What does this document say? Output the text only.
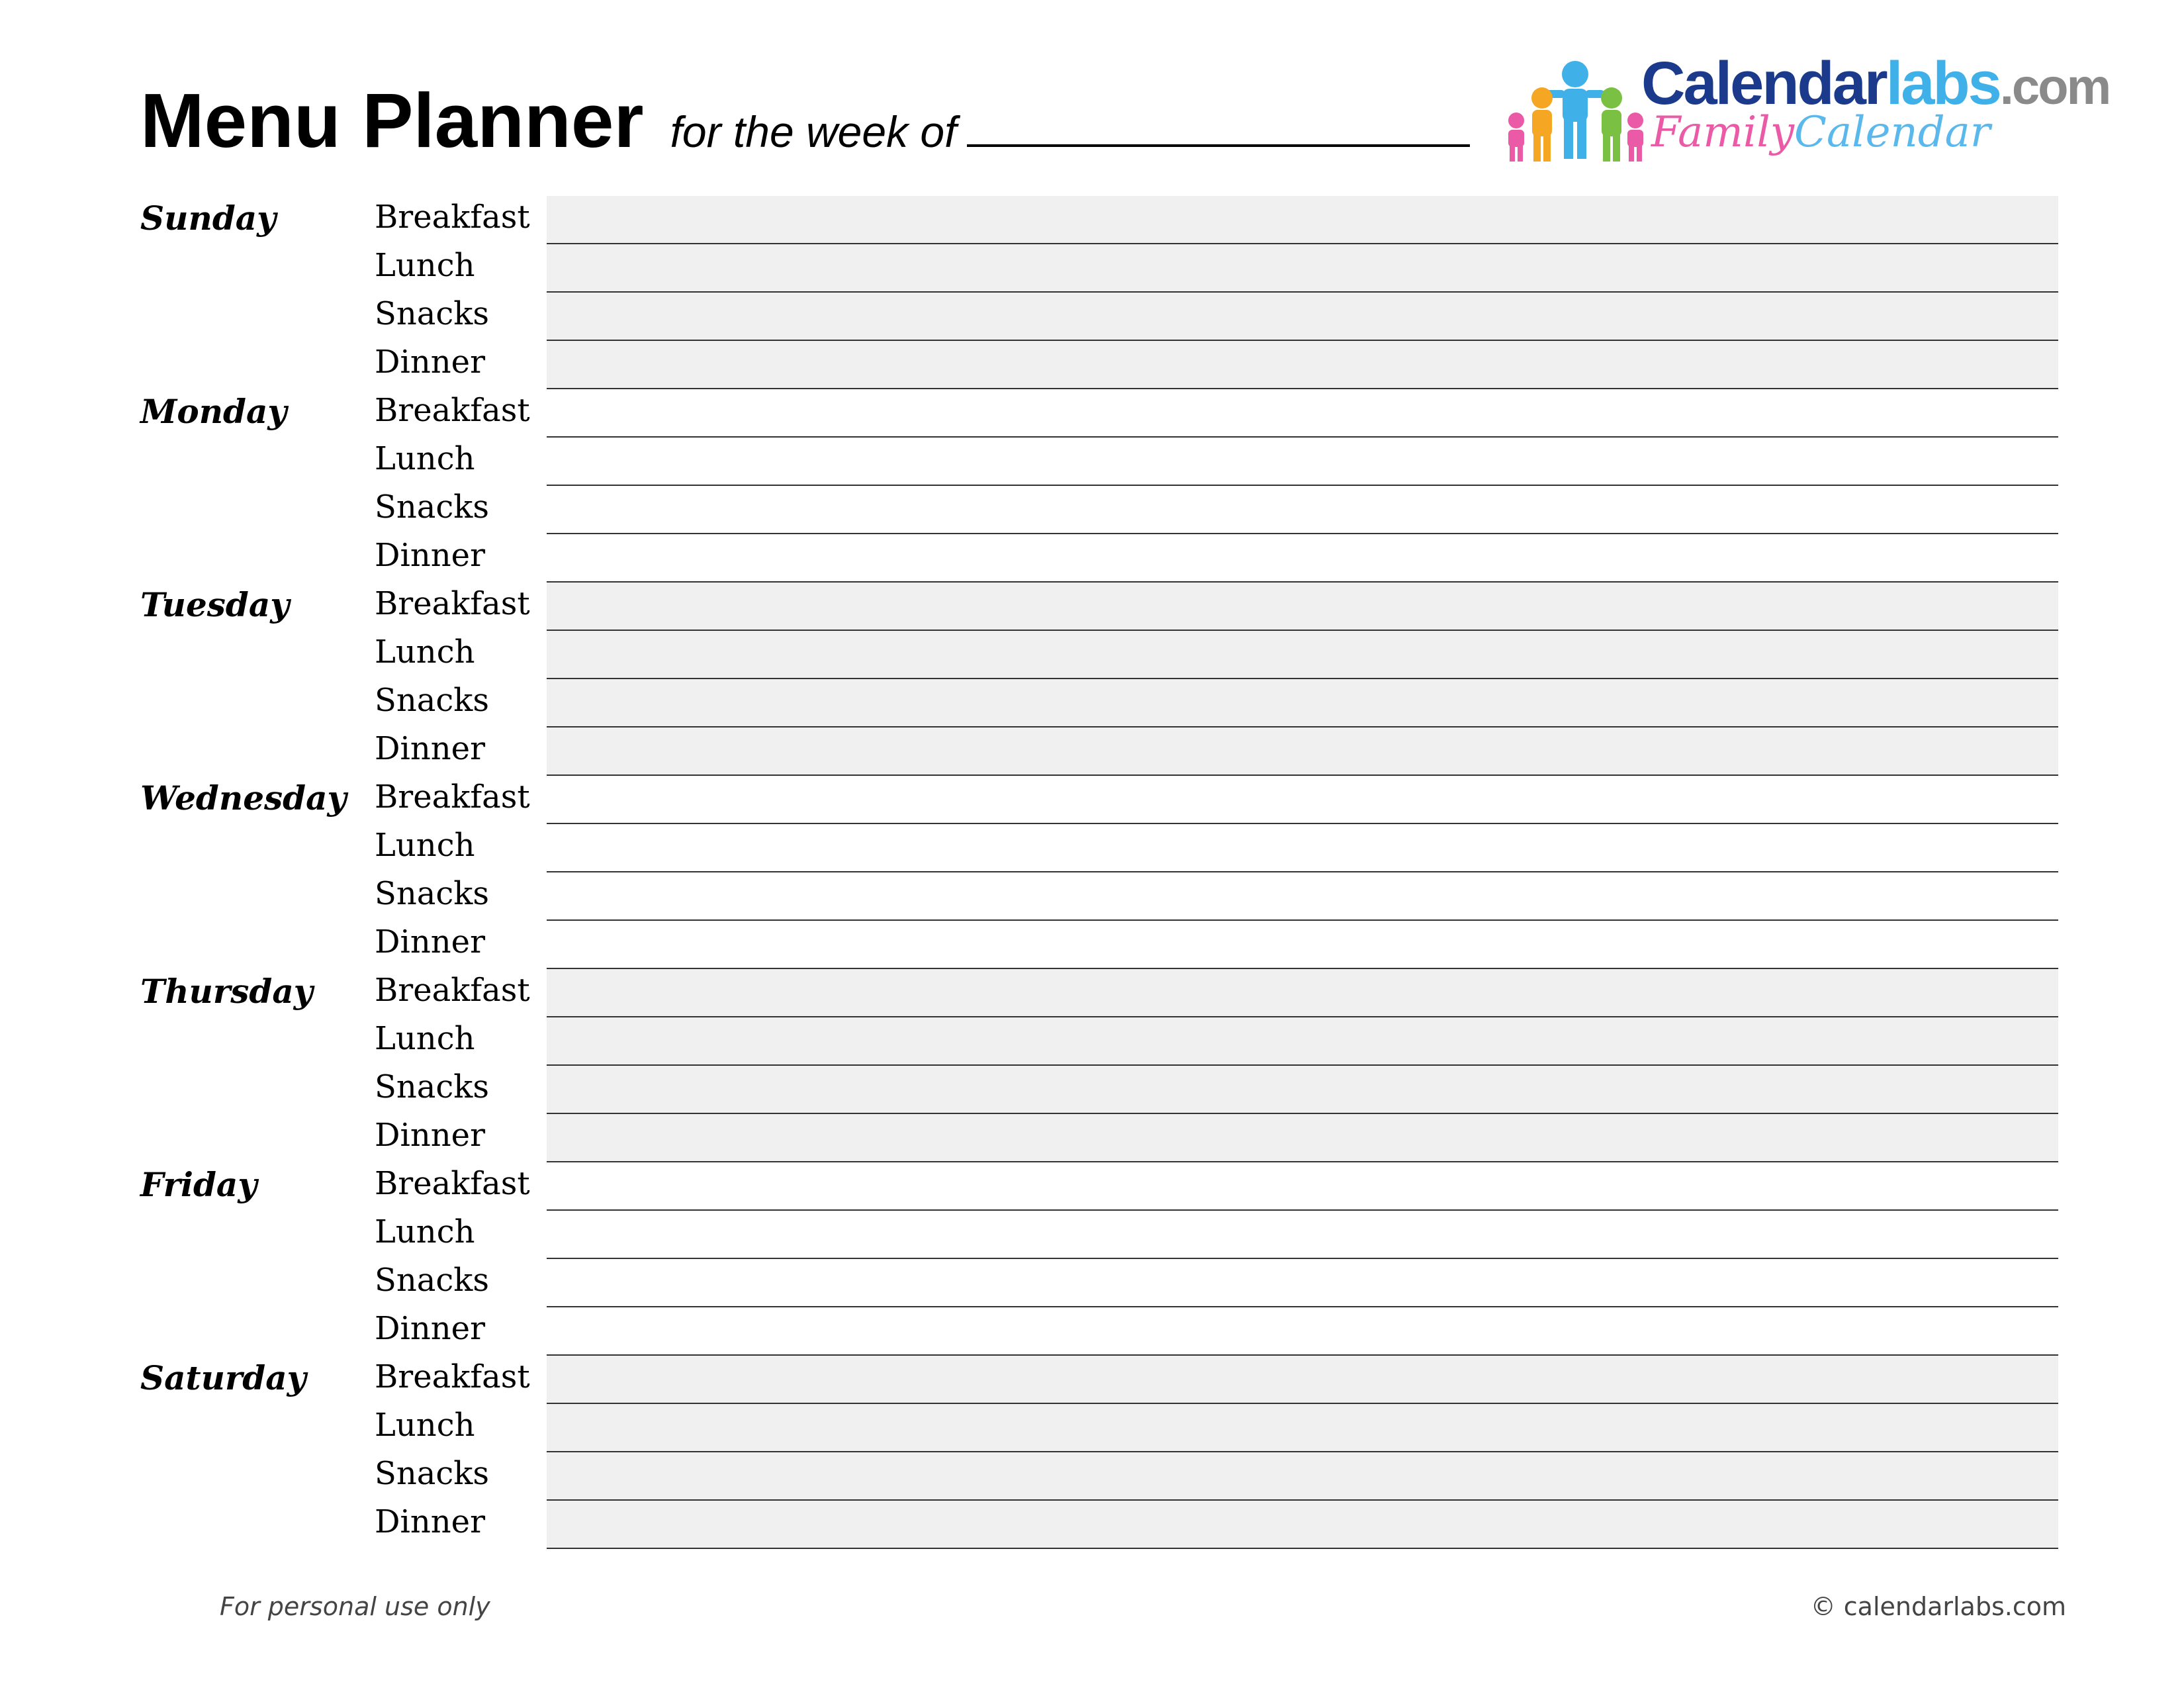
Menu Planner for the week of
Calendarlabs.com
FamilyCalendar
Sunday	Breakfast
Lunch
Snacks
Dinner
Monday	Breakfast
Lunch
Snacks
Dinner
Tuesday	Breakfast
Lunch
Snacks
Dinner
Wednesday Breakfast
Lunch
Snacks
Dinner
Thursday Breakfast
Lunch
Snacks
Dinner
Friday	Breakfast
Lunch
Snacks
Dinner
Saturday Breakfast
Lunch
Snacks
Dinner
For personal use only	© calendarlabs.com
